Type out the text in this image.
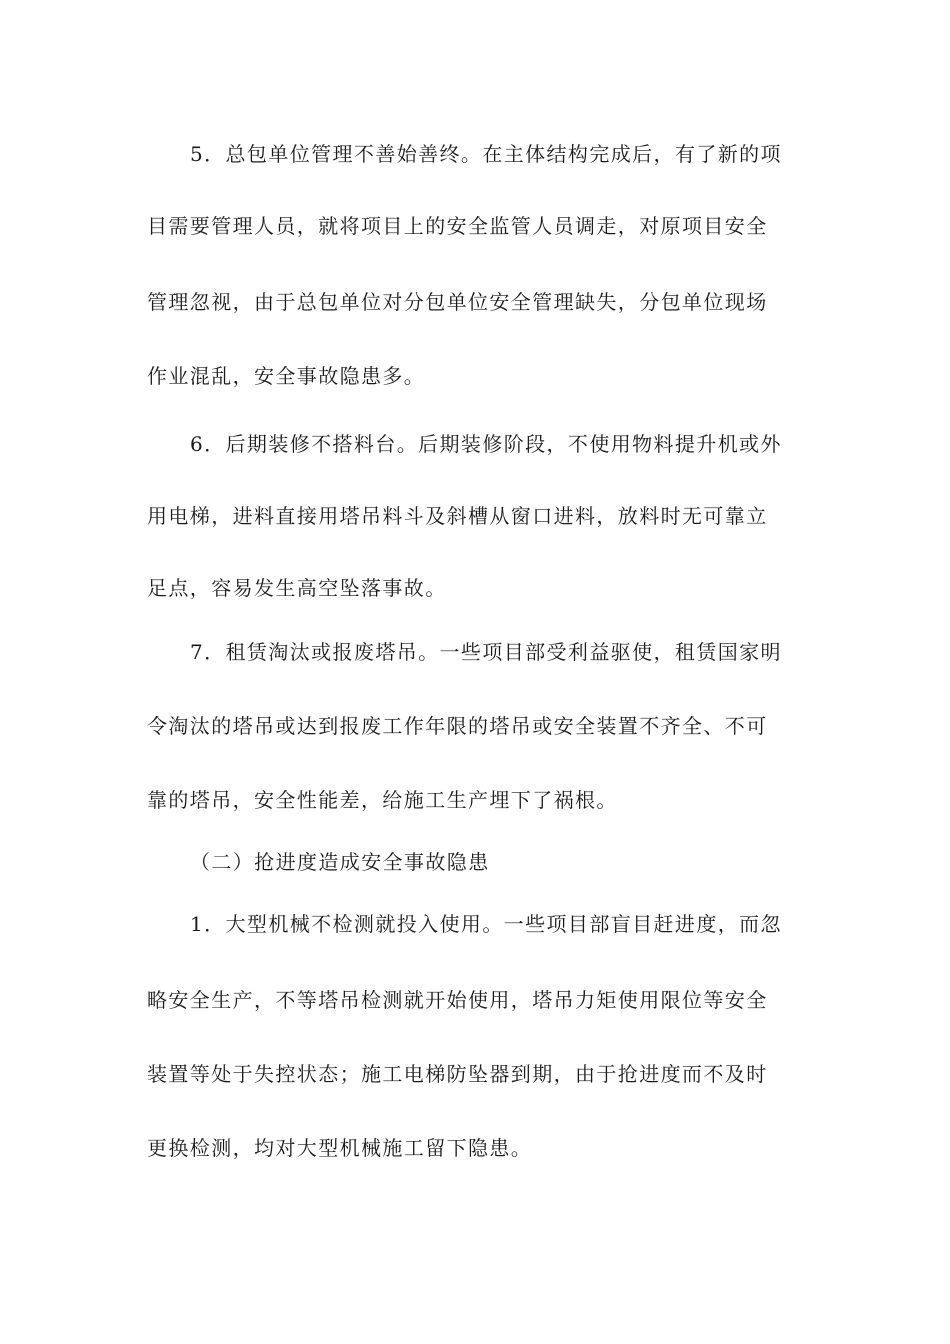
5．总包单位管理不善始善终。在主体结构完成后，有了新的项
目需要管理人员，就将项目上的安全监管人员调走，对原项目安全
管理忽视，由于总包单位对分包单位安全管理缺失，分包单位现场
作业混乱，安全事故隐患多。
6．后期装修不搭料台。后期装修阶段，不使用物料提升机或外
用电梯，进料直接用塔吊料斗及斜槽从窗口进料，放料时无可靠立
足点，容易发生高空坠落事故。
7．租赁淘汰或报废塔吊。一些项目部受利益驱使，租赁国家明
令淘汰的塔吊或达到报废工作年限的塔吊或安全装置不齐全、不可
靠的塔吊，安全性能差，给施工生产埋下了祸根。
（二）抢进度造成安全事故隐患
1．大型机械不检测就投入使用。一些项目部盲目赶进度，而忽
略安全生产，不等塔吊检测就开始使用，塔吊力矩使用限位等安全
装置等处于失控状态；施工电梯防坠器到期，由于抢进度而不及时
更换检测，均对大型机械施工留下隐患。
